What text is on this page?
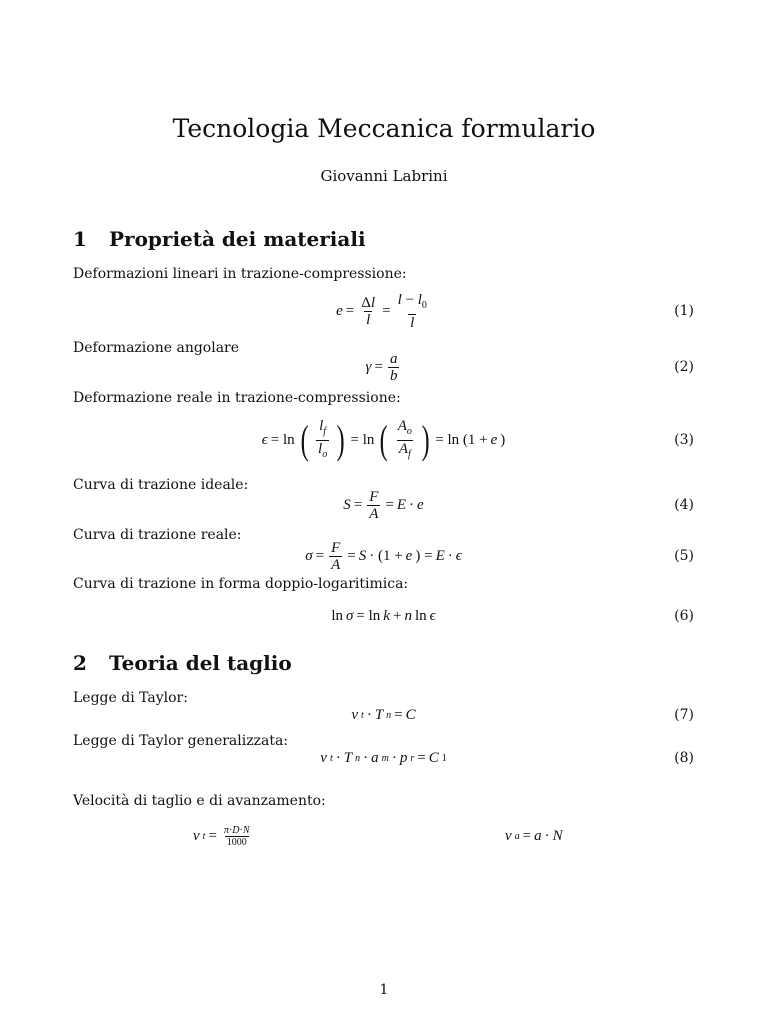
Tecnologia Meccanica formulario
Giovanni Labrini
1 Proprietà dei materiali
Deformazioni lineari in trazione-compressione:
$e = \frac{\Delta l}{l} = \frac{l - l_0}{l}$	(1)
Deformazione angolare
$\gamma = \frac{a}{b}$	(2)
Deformazione reale in trazione-compressione:
ϵ = ln ( $\frac{l_f}{l_o}$ ) = ln ( $\frac{A_o}{A_f}$ ) = ln (1 + e )	(3)
Curva di trazione ideale:
$S = \frac{F}{A} = E \cdot e$	(4)
Curva di trazione reale:
$\sigma = \frac{F}{A} = S \cdot (1 + e$ ) = E · ϵ	(5)
Curva di trazione in forma doppio-logaritimica:
ln σ = ln k + n ln ϵ	(6)
2 Teoria del taglio
Legge di Taylor:
v t · T n = C	(7)
Legge di Taylor generalizzata:
v t · T n · a m · p r = C 1	(8)
Velocità di taglio e di avanzamento:
v $t = \frac{\pi\cdot D\cdot N}{1000}$	v a = a · N
1
